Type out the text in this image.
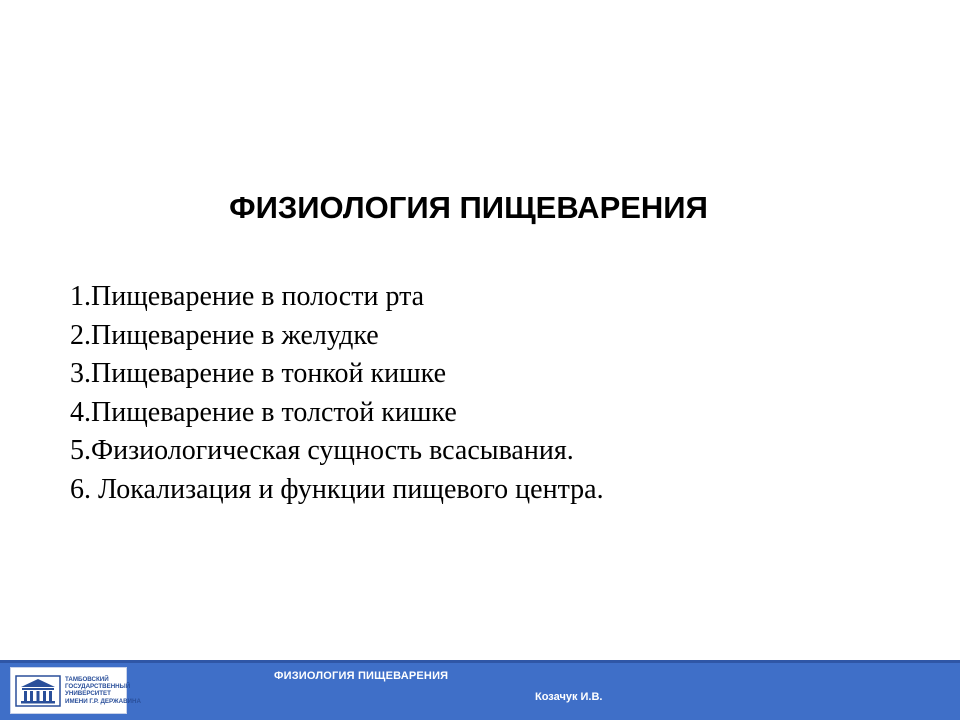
ФИЗИОЛОГИЯ ПИЩЕВАРЕНИЯ
1.Пищеварение в полости рта
2.Пищеварение в желудке
3.Пищеварение в тонкой кишке
4.Пищеварение в толстой кишке
5.Физиологическая сущность всасывания.
6. Локализация и функции пищевого центра.
ТАМБОВСКИЙ
ГОСУДАРСТВЕННЫЙ
УНИВЕРСИТЕТ
ИМЕНИ Г.Р. ДЕРЖАВИНА
ФИЗИОЛОГИЯ ПИЩЕВАРЕНИЯ
Козачук И.В.
